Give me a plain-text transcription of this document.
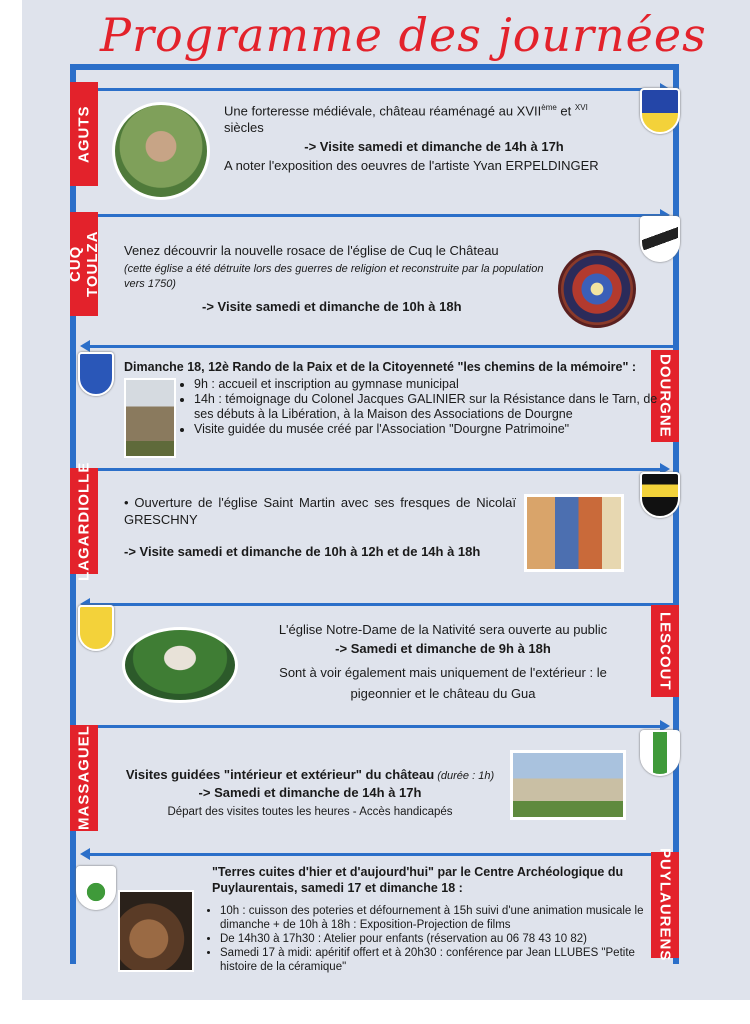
Programme des journées
AGUTS	Une forteresse médiévale, château réaménagé au XVIIème et $^{XVI}$
siècles
-> Visite samedi et dimanche de 14h à 17h
A noter l'exposition des oeuvres de l'artiste Yvan ERPELDINGER
CUQ TOULZA Venez découvrir la nouvelle rosace de l'église de Cuq le Château
(cette église a été détruite lors des guerres de religion et reconstruite par la population vers 1750)
-> Visite samedi et dimanche de 10h à 18h
DOURGNE
Dimanche 18, 12è Rando de la Paix et de la Citoyenneté "les chemins de la mémoire" :
• 9h : accueil et inscription au gymnase municipal
• 14h : témoignage du Colonel Jacques GALINIER sur la Résistance dans le Tarn, de ses débuts à la Libération, à la Maison des Associations de Dourgne
• Visite guidée du musée créé par l'Association "Dourgne Patrimoine"
LAGARDIOLLE	• Ouverture de l'église Saint Martin avec ses fresques de Nicolaï GRESCHNY
-> Visite samedi et dimanche de 10h à 12h et de 14h à 18h
LESCOUT
L'église Notre-Dame de la Nativité sera ouverte au public
-> Samedi et dimanche de 9h à 18h
Sont à voir également mais uniquement de l'extérieur : le pigeonnier et le château du Gua
MASSAGUEL	Visites guidées "intérieur et extérieur" du château (durée : 1h)
-> Samedi et dimanche de 14h à 17h
Départ des visites toutes les heures - Accès handicapés
PUYLAURENS
"Terres cuites d'hier et d'aujourd'hui" par le Centre Archéologique du Puylaurentais, samedi 17 et dimanche 18 :
• 10h : cuisson des poteries et défournement à 15h suivi d'une animation musicale le dimanche + de 10h à 18h : Exposition-Projection de films
• De 14h30 à 17h30 : Atelier pour enfants (réservation au 06 78 43 10 82)
• Samedi 17 à midi: apéritif offert et à 20h30 : conférence par Jean LLUBES "Petite histoire de la céramique"
